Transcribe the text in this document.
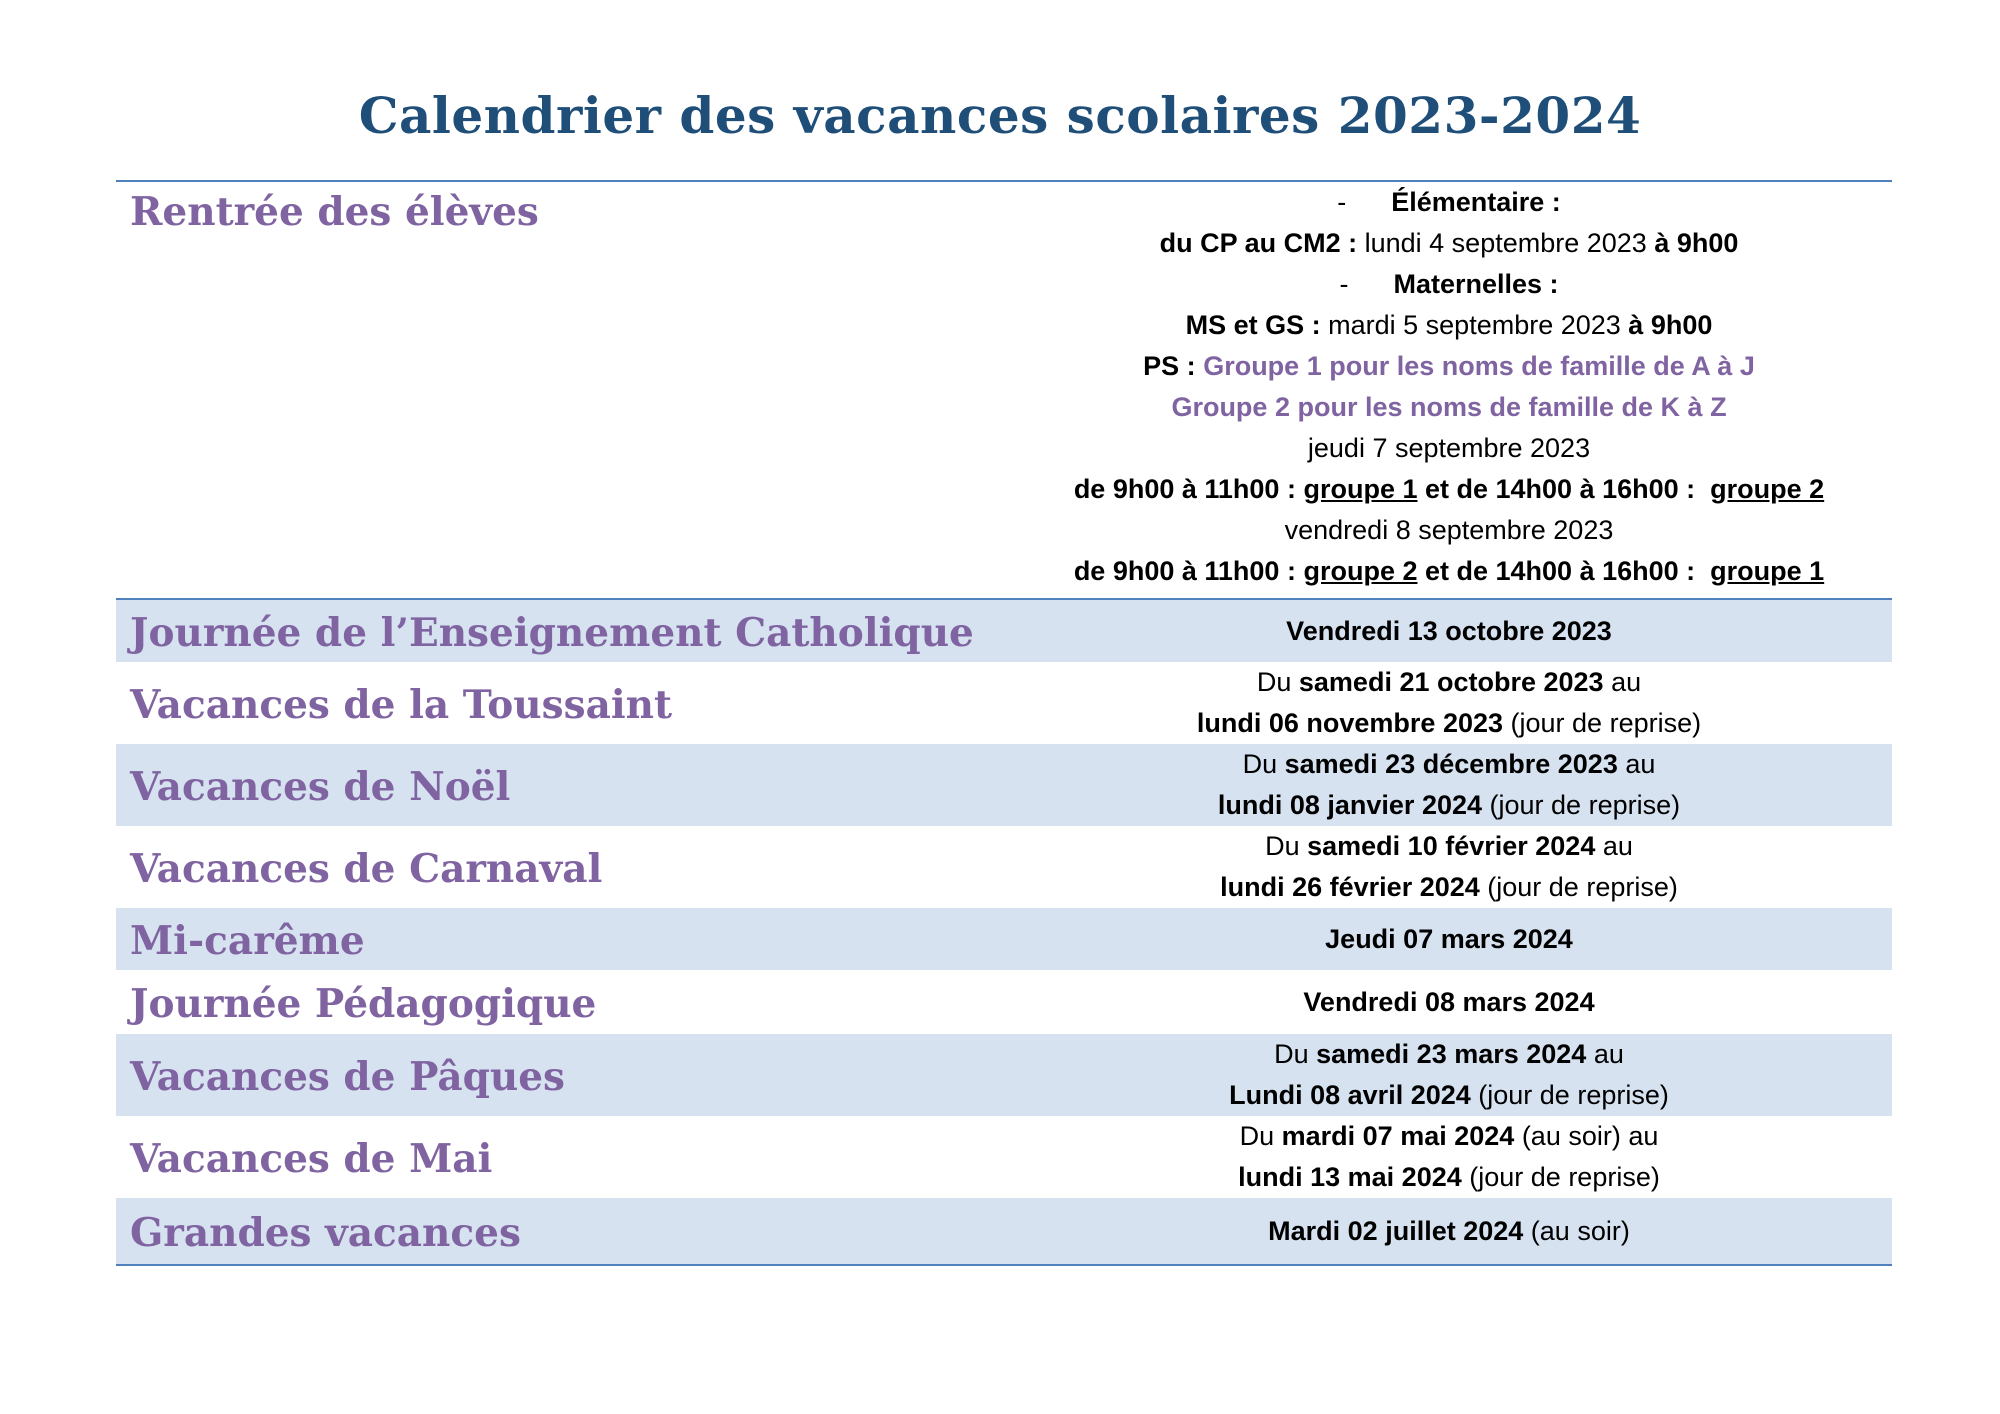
Calendrier des vacances scolaires 2023-2024
Rentrée des élèves	- Élémentaire :
du CP au CM2 : lundi 4 septembre 2023 à 9h00
- Maternelles :
MS et GS : mardi 5 septembre 2023 à 9h00
PS : Groupe 1 pour les noms de famille de A à J
Groupe 2 pour les noms de famille de K à Z
jeudi 7 septembre 2023
de 9h00 à 11h00 : groupe 1 et de 14h00 à 16h00 : groupe 2
vendredi 8 septembre 2023
de 9h00 à 11h00 : groupe 2 et de 14h00 à 16h00 : groupe 1
Journée de l’Enseignement Catholique	Vendredi 13 octobre 2023
Vacances de la Toussaint	Du samedi 21 octobre 2023 au
lundi 06 novembre 2023 (jour de reprise)
Vacances de Noël	Du samedi 23 décembre 2023 au
lundi 08 janvier 2024 (jour de reprise)
Vacances de Carnaval	Du samedi 10 février 2024 au
lundi 26 février 2024 (jour de reprise)
Mi-carême	Jeudi 07 mars 2024
Journée Pédagogique	Vendredi 08 mars 2024
Vacances de Pâques	Du samedi 23 mars 2024 au
Lundi 08 avril 2024 (jour de reprise)
Vacances de Mai	Du mardi 07 mai 2024 (au soir) au
lundi 13 mai 2024 (jour de reprise)
Grandes vacances	Mardi 02 juillet 2024 (au soir)
